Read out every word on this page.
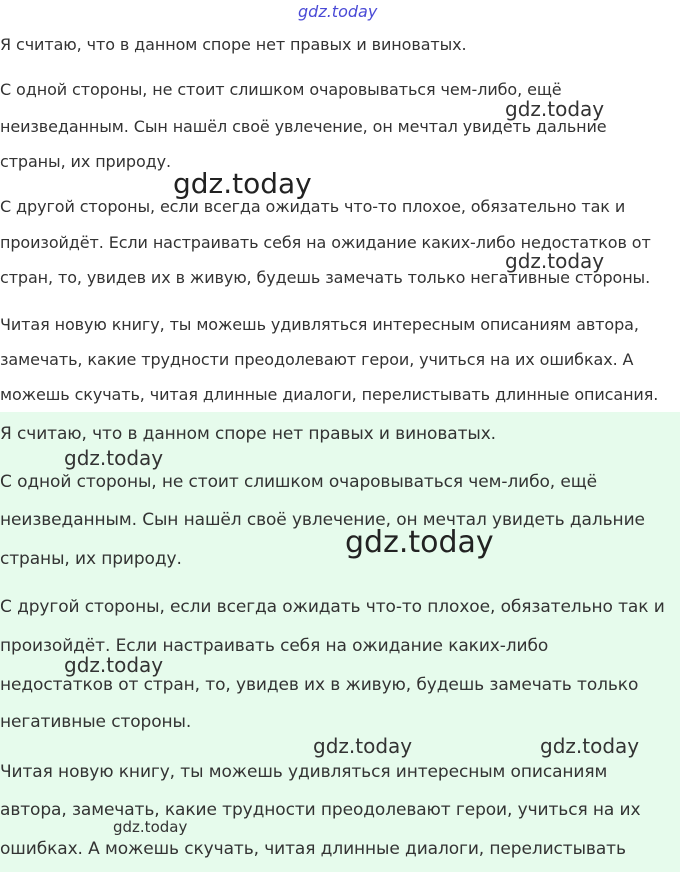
Я считаю, что в данном споре нет правых и виноватых.
С одной стороны, не стоит слишком очаровываться чем-либо, ещё
неизведанным. Сын нашёл своё увлечение, он мечтал увидеть дальние
страны, их природу.
С другой стороны, если всегда ожидать что-то плохое, обязательно так и
произойдёт. Если настраивать себя на ожидание каких-либо недостатков от
стран, то, увидев их в живую, будешь замечать только негативные стороны.
Читая новую книгу, ты можешь удивляться интересным описаниям автора,
замечать, какие трудности преодолевают герои, учиться на их ошибках. А
можешь скучать, читая длинные диалоги, перелистывать длинные описания.
Я считаю, что в данном споре нет правых и виноватых.
С одной стороны, не стоит слишком очаровываться чем-либо, ещё
неизведанным. Сын нашёл своё увлечение, он мечтал увидеть дальние
страны, их природу.
С другой стороны, если всегда ожидать что-то плохое, обязательно так и
произойдёт. Если настраивать себя на ожидание каких-либо
недостатков от стран, то, увидев их в живую, будешь замечать только
негативные стороны.
Читая новую книгу, ты можешь удивляться интересным описаниям
автора, замечать, какие трудности преодолевают герои, учиться на их
ошибках. А можешь скучать, читая длинные диалоги, перелистывать
gdz.today
gdz.today
gdz.today
gdz.today
gdz.today
gdz.today
gdz.today
gdz.today	gdz.today
gdz.today
